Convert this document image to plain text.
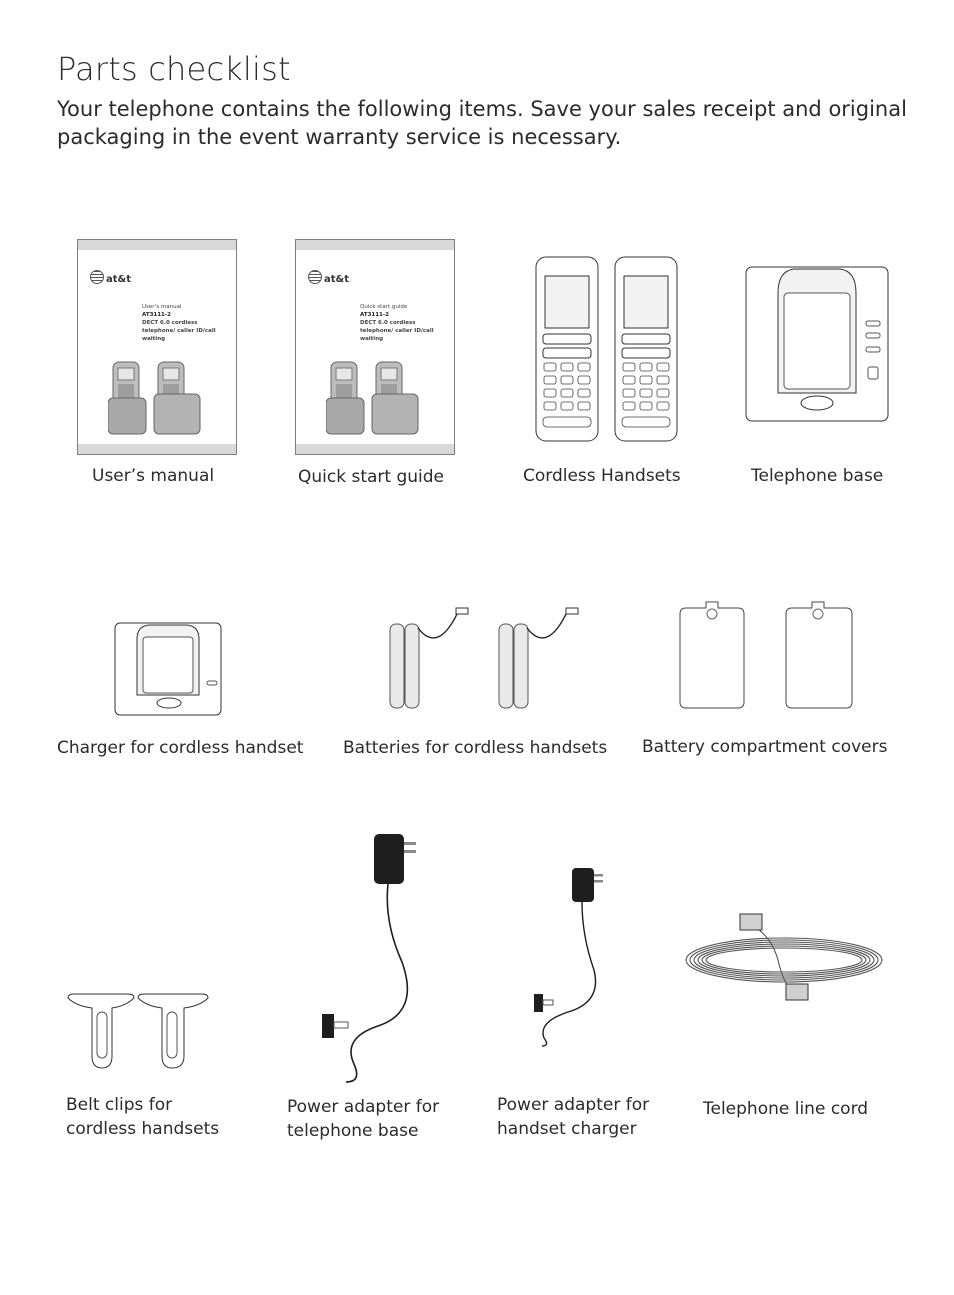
Parts checklist
Your telephone contains the following items. Save your sales receipt and original packaging in the event warranty service is necessary.
at&t
User’s manual
AT3111-2
DECT 6.0 cordless telephone/ caller ID/call waiting
User’s manual
at&t
Quick start guide
AT3111-2
DECT 6.0 cordless telephone/ caller ID/call waiting
Quick start guide	Cordless Handsets	Telephone base
Charger for cordless handset Batteries for cordless handsets Battery compartment covers
Belt clips for
cordless handsets
Power adapter for
telephone base
Power adapter for
handset charger
Telephone line cord
